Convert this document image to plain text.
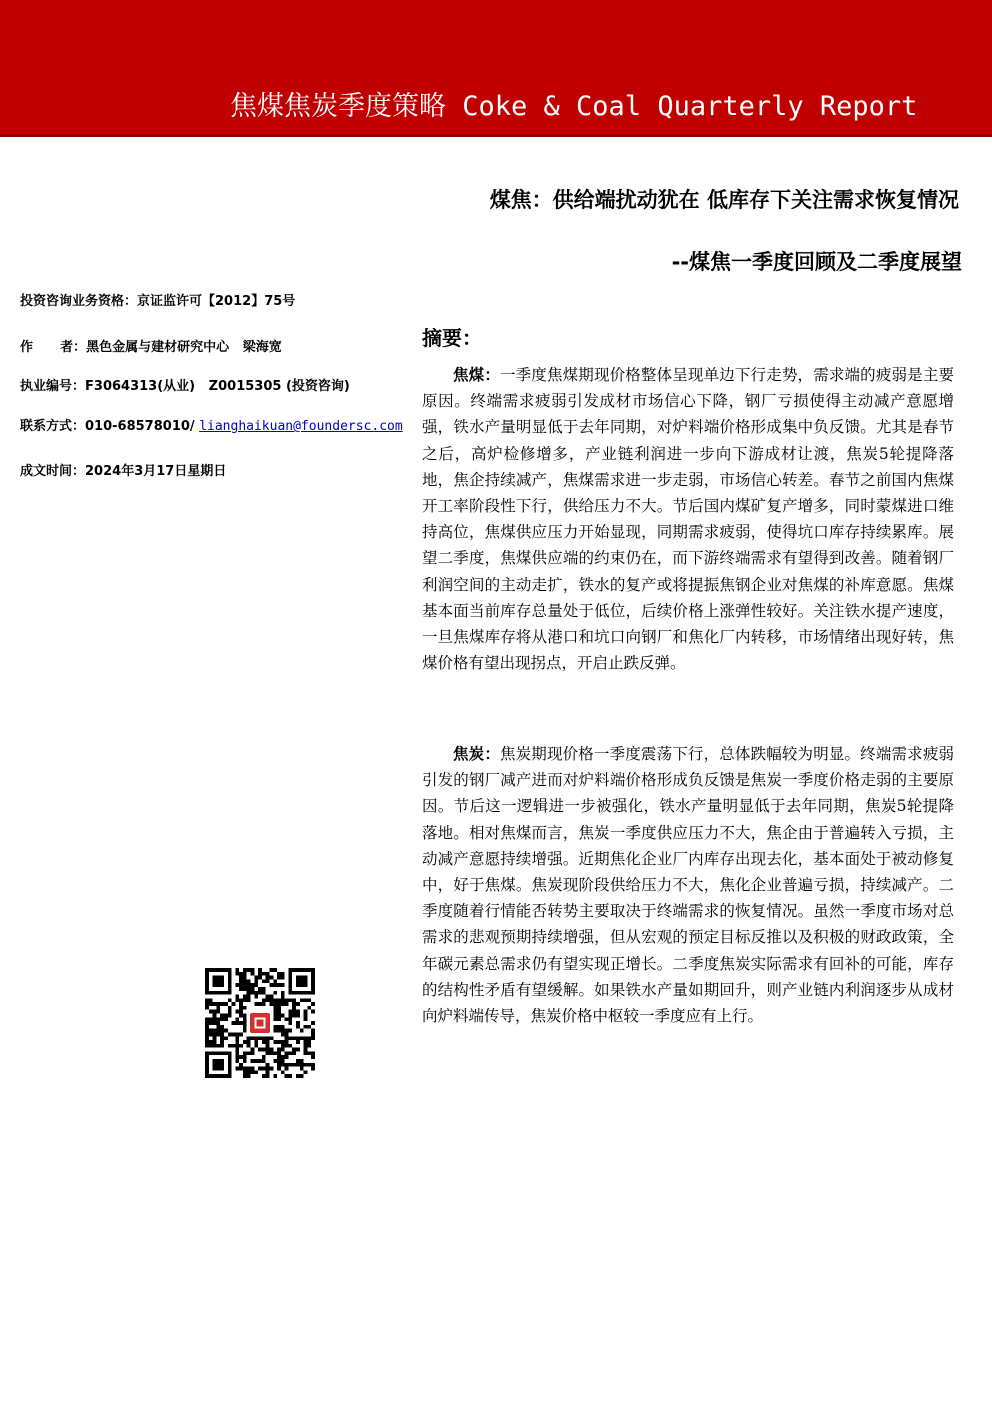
焦煤焦炭季度策略 Coke & Coal Quarterly Report
煤焦：供给端扰动犹在 低库存下关注需求恢复情况
--煤焦一季度回顾及二季度展望
投资咨询业务资格：京证监许可【2012】75号
作      者：黑色金属与建材研究中心   梁海宽
执业编号：F3064313(从业)   Z0015305 (投资咨询)
联系方式：010-68578010/ lianghaikuan@foundersc.com
成文时间：2024年3月17日星期日
摘要：
焦煤：一季度焦煤期现价格整体呈现单边下行走势，需求端的疲弱是主要原因。终端需求疲弱引发成材市场信心下降，钢厂亏损使得主动减产意愿增强，铁水产量明显低于去年同期，对炉料端价格形成集中负反馈。尤其是春节之后，高炉检修增多，产业链利润进一步向下游成材让渡，焦炭5轮提降落地，焦企持续减产，焦煤需求进一步走弱，市场信心转差。春节之前国内焦煤开工率阶段性下行，供给压力不大。节后国内煤矿复产增多，同时蒙煤进口维持高位，焦煤供应压力开始显现，同期需求疲弱，使得坑口库存持续累库。展望二季度，焦煤供应端的约束仍在，而下游终端需求有望得到改善。随着钢厂利润空间的主动走扩，铁水的复产或将提振焦钢企业对焦煤的补库意愿。焦煤基本面当前库存总量处于低位，后续价格上涨弹性较好。关注铁水提产速度，一旦焦煤库存将从港口和坑口向钢厂和焦化厂内转移，市场情绪出现好转，焦煤价格有望出现拐点，开启止跌反弹。
焦炭：焦炭期现价格一季度震荡下行，总体跌幅较为明显。终端需求疲弱引发的钢厂减产进而对炉料端价格形成负反馈是焦炭一季度价格走弱的主要原因。节后这一逻辑进一步被强化，铁水产量明显低于去年同期，焦炭5轮提降落地。相对焦煤而言，焦炭一季度供应压力不大，焦企由于普遍转入亏损，主动减产意愿持续增强。近期焦化企业厂内库存出现去化，基本面处于被动修复中，好于焦煤。焦炭现阶段供给压力不大，焦化企业普遍亏损，持续减产。二季度随着行情能否转势主要取决于终端需求的恢复情况。虽然一季度市场对总需求的悲观预期持续增强，但从宏观的预定目标反推以及积极的财政政策，全年碳元素总需求仍有望实现正增长。二季度焦炭实际需求有回补的可能，库存的结构性矛盾有望缓解。如果铁水产量如期回升，则产业链内利润逐步从成材向炉料端传导，焦炭价格中枢较一季度应有上行。
